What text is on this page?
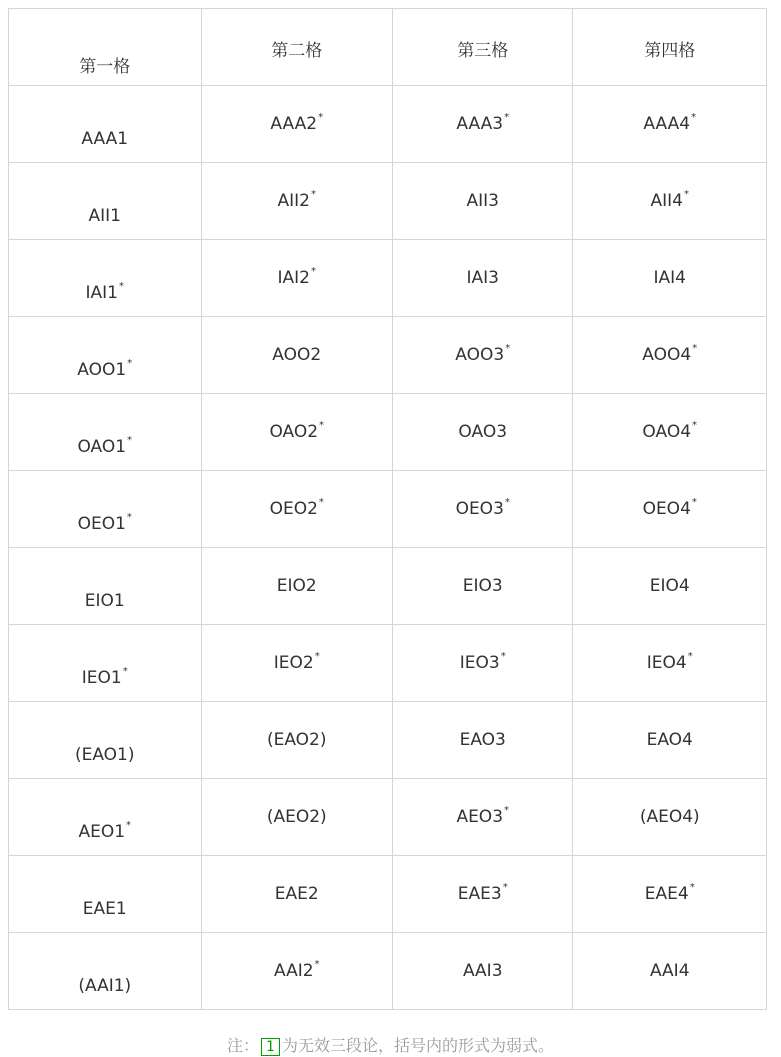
第一格	第二格	第三格	第四格

AAA1	AAA2*	AAA3*	AAA4*

AII1	AII2*	AII3	AII4*

IAI1*	IAI2*	IAI3	IAI4

AOO1*	AOO2	AOO3*	AOO4*

OAO1*	OAO2*	OAO3	OAO4*

OEO1*	OEO2*	OEO3*	OEO4*

EIO1	EIO2	EIO3	EIO4

IEO1*	IEO2*	IEO3*	IEO4*

(EAO1)	(EAO2)	EAO3	EAO4

AEO1*	(AEO2)	AEO3*	(AEO4)

EAE1	EAE2	EAE3*	EAE4*

(AAI1)	AAI2*	AAI3	AAI4
注： 1 为无效三段论，括号内的形式为弱式。
